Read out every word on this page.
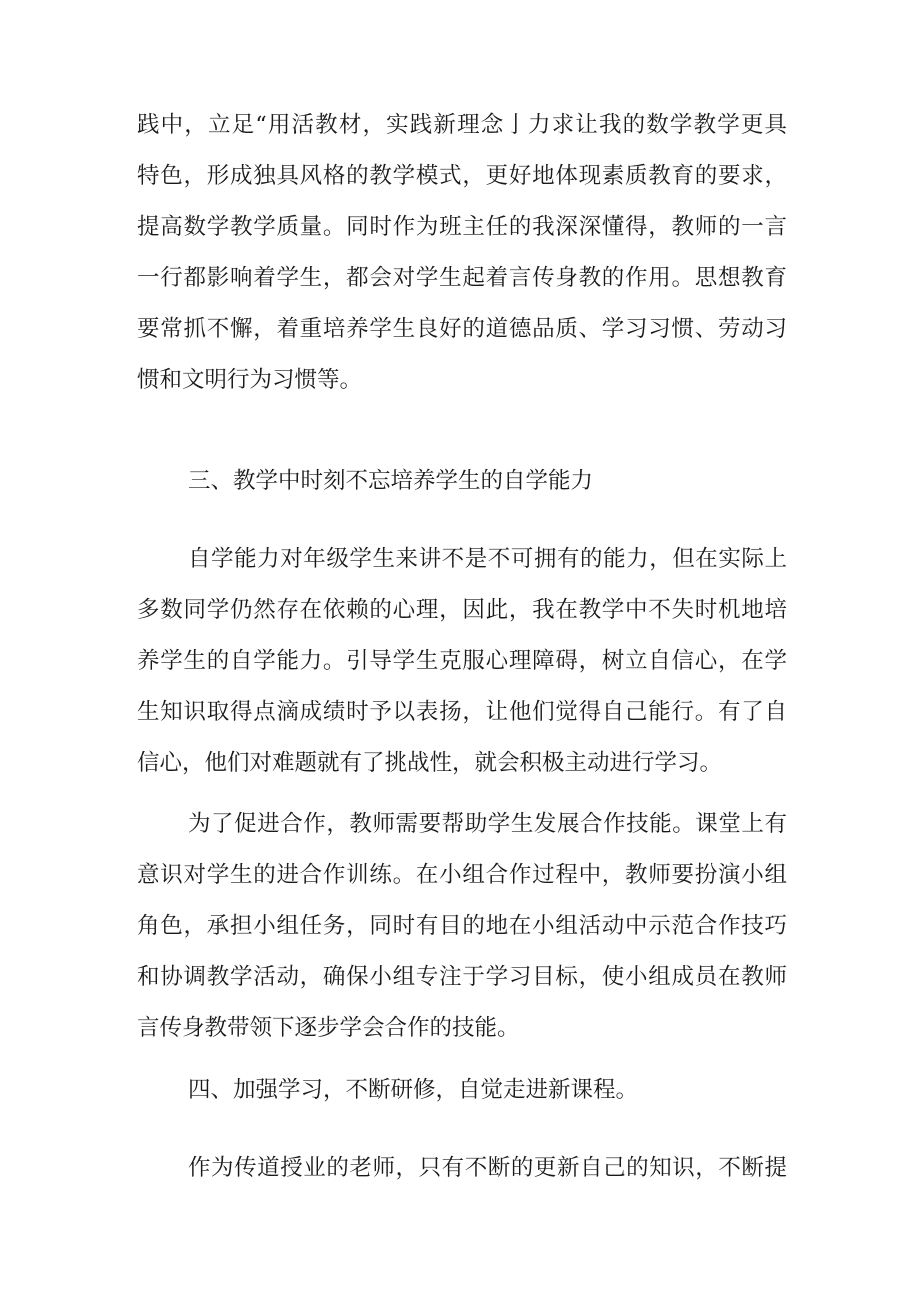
践中，立足“用活教材，实践新理念亅力求让我的数学教学更具
特色，形成独具风格的教学模式，更好地体现素质教育的要求，
提高数学教学质量。同时作为班主任的我深深懂得，教师的一言
一行都影响着学生，都会对学生起着言传身教的作用。思想教育
要常抓不懈，着重培养学生良好的道德品质、学习习惯、劳动习
惯和文明行为习惯等。
三、教学中时刻不忘培养学生的自学能力
自学能力对年级学生来讲不是不可拥有的能力，但在实际上
多数同学仍然存在依赖的心理，因此，我在教学中不失时机地培
养学生的自学能力。引导学生克服心理障碍，树立自信心，在学
生知识取得点滴成绩时予以表扬，让他们觉得自己能行。有了自
信心，他们对难题就有了挑战性，就会积极主动进行学习。
为了促进合作，教师需要帮助学生发展合作技能。课堂上有
意识对学生的进合作训练。在小组合作过程中，教师要扮演小组
角色，承担小组任务，同时有目的地在小组活动中示范合作技巧
和协调教学活动，确保小组专注于学习目标，使小组成员在教师
言传身教带领下逐步学会合作的技能。
四、加强学习，不断研修，自觉走进新课程。
作为传道授业的老师，只有不断的更新自己的知识，不断提
